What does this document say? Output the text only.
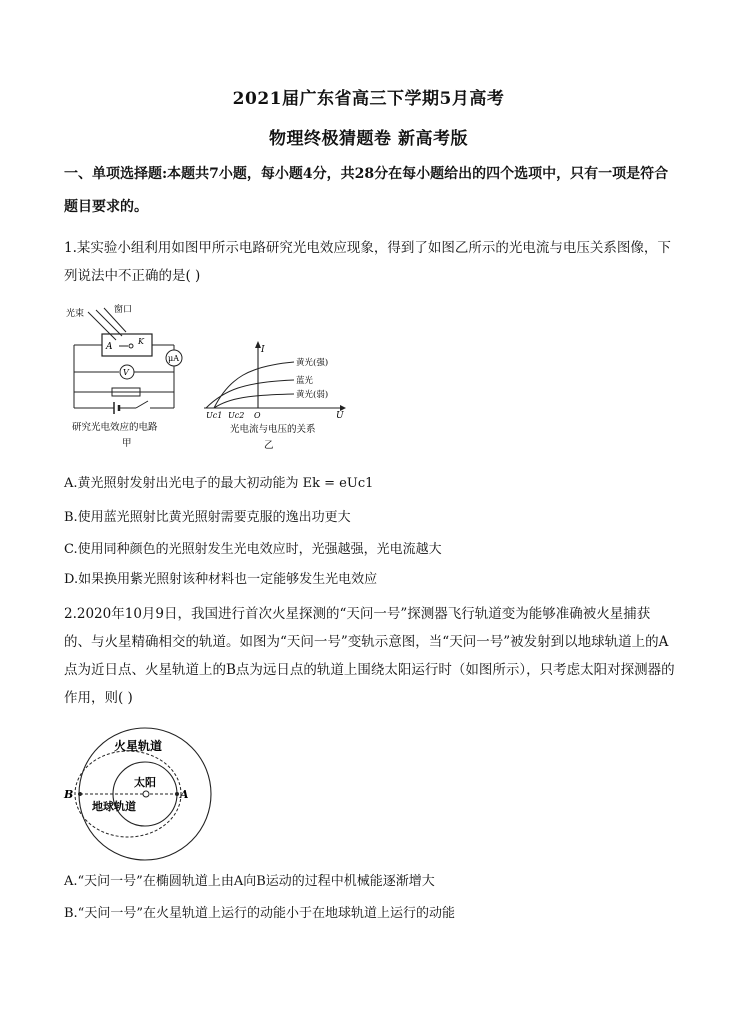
2021届广东省高三下学期5月高考
物理终极猜题卷 新高考版
一、单项选择题:本题共7小题，每小题4分，共28分在每小题给出的四个选项中，只有一项是符合题目要求的。
1.某实验小组利用如图甲所示电路研究光电效应现象，得到了如图乙所示的光电流与电压关系图像，下列说法中不正确的是( )
光束	窗口
A
K
μA
V
研究光电效应的电路
甲
I
U
黄光(强)
蓝光
黄光(弱)
Uc1 Uc2 O
光电流与电压的关系
乙
A.黄光照射发射出光电子的最大初动能为 Ek = eUc1
B.使用蓝光照射比黄光照射需要克服的逸出功更大
C.使用同种颜色的光照射发生光电效应时，光强越强，光电流越大
D.如果换用紫光照射该种材料也一定能够发生光电效应
2.2020年10月9日，我国进行首次火星探测的“天问一号”探测器飞行轨道变为能够准确被火星捕获的、与火星精确相交的轨道。如图为“天问一号”变轨示意图，当“天问一号”被发射到以地球轨道上的A点为近日点、火星轨道上的B点为远日点的轨道上围绕太阳运行时（如图所示），只考虑太阳对探测器的作用，则( )
火星轨道
太阳
地球轨道
B	A
A.“天问一号”在椭圆轨道上由A向B运动的过程中机械能逐渐增大
B.“天问一号”在火星轨道上运行的动能小于在地球轨道上运行的动能
